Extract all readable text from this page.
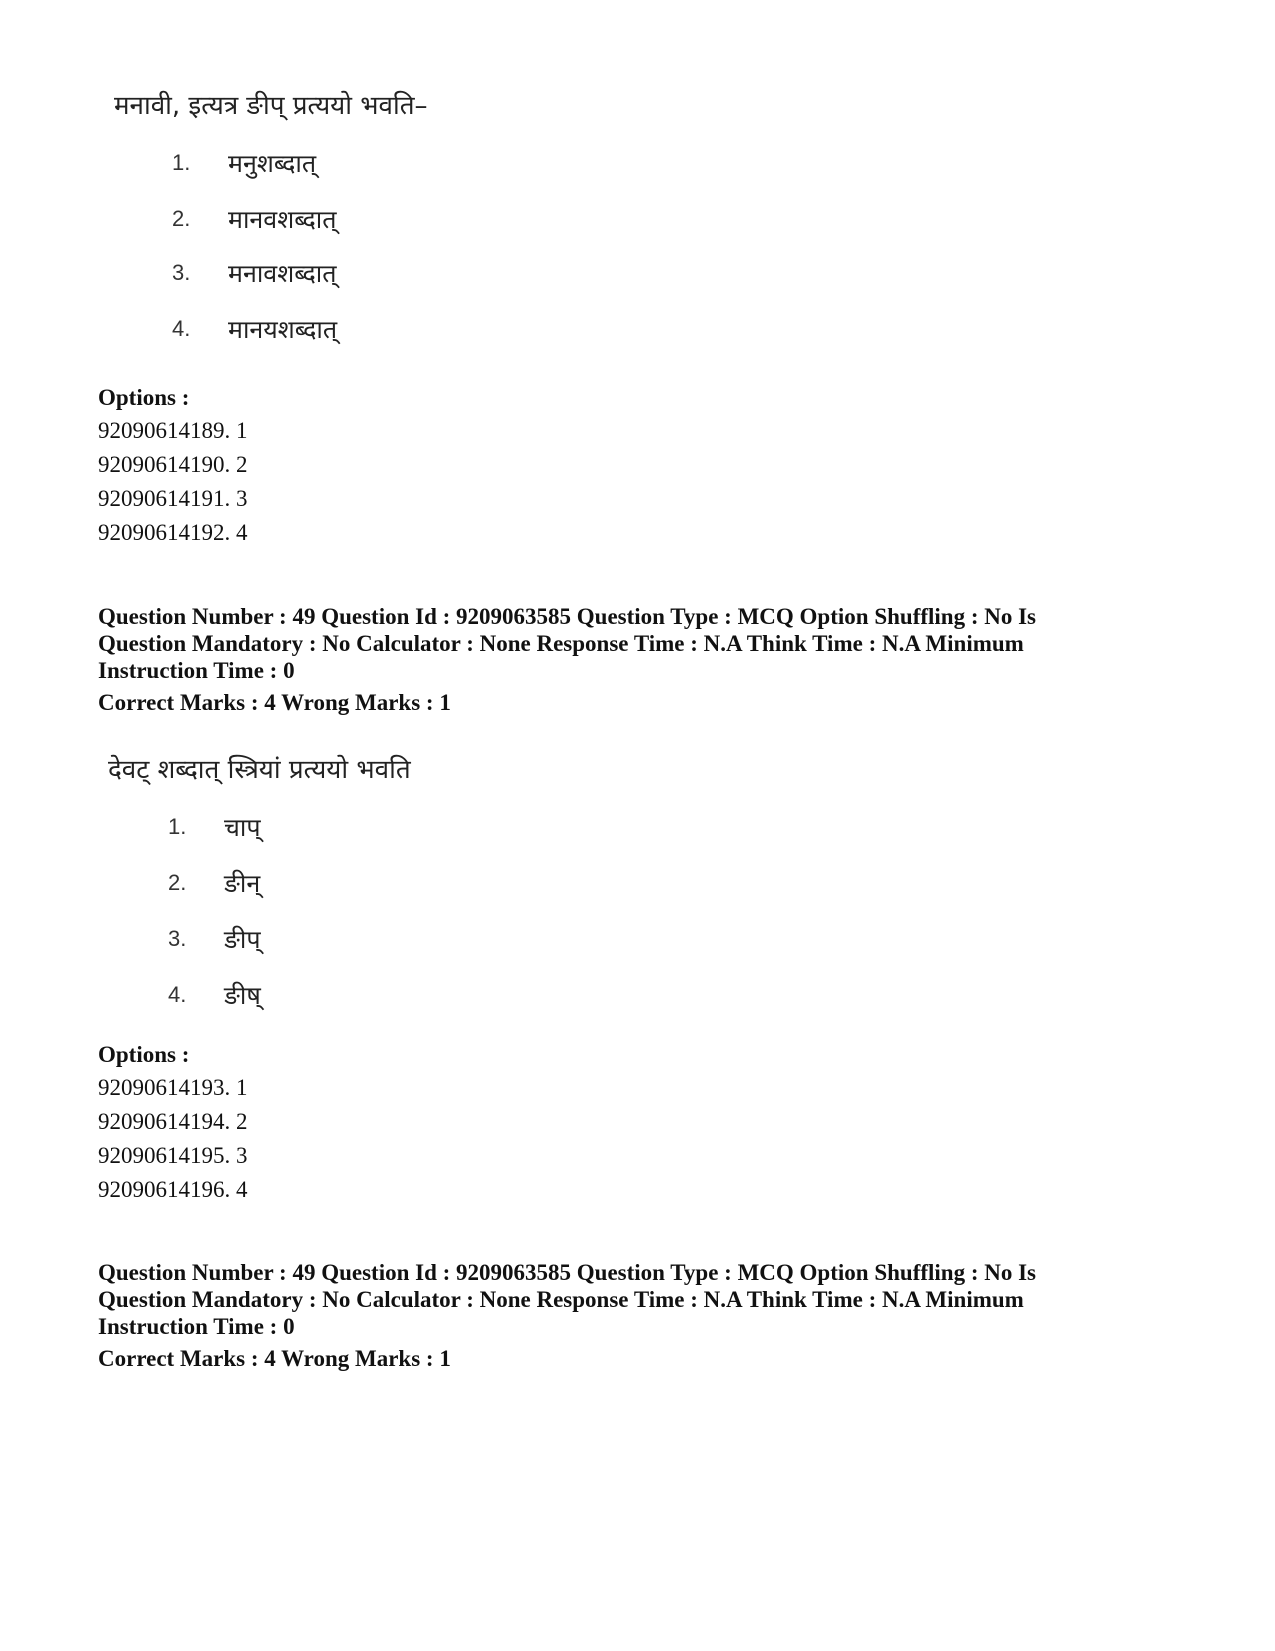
मनावी, इत्यत्र ङीप् प्रत्ययो भवति–
1. मनुशब्दात्
2. मानवशब्दात्
3. मनावशब्दात्
4. मानयशब्दात्
Options :
92090614189. 1
92090614190. 2
92090614191. 3
92090614192. 4
Question Number : 49 Question Id : 9209063585 Question Type : MCQ Option Shuffling : No Is
Question Mandatory : No Calculator : None Response Time : N.A Think Time : N.A Minimum
Instruction Time : 0
Correct Marks : 4 Wrong Marks : 1
देवट् शब्दात् स्त्रियां प्रत्ययो भवति
1. चाप्
2. ङीन्
3. ङीप्
4. ङीष्
Options :
92090614193. 1
92090614194. 2
92090614195. 3
92090614196. 4
Question Number : 49 Question Id : 9209063585 Question Type : MCQ Option Shuffling : No Is
Question Mandatory : No Calculator : None Response Time : N.A Think Time : N.A Minimum
Instruction Time : 0
Correct Marks : 4 Wrong Marks : 1
